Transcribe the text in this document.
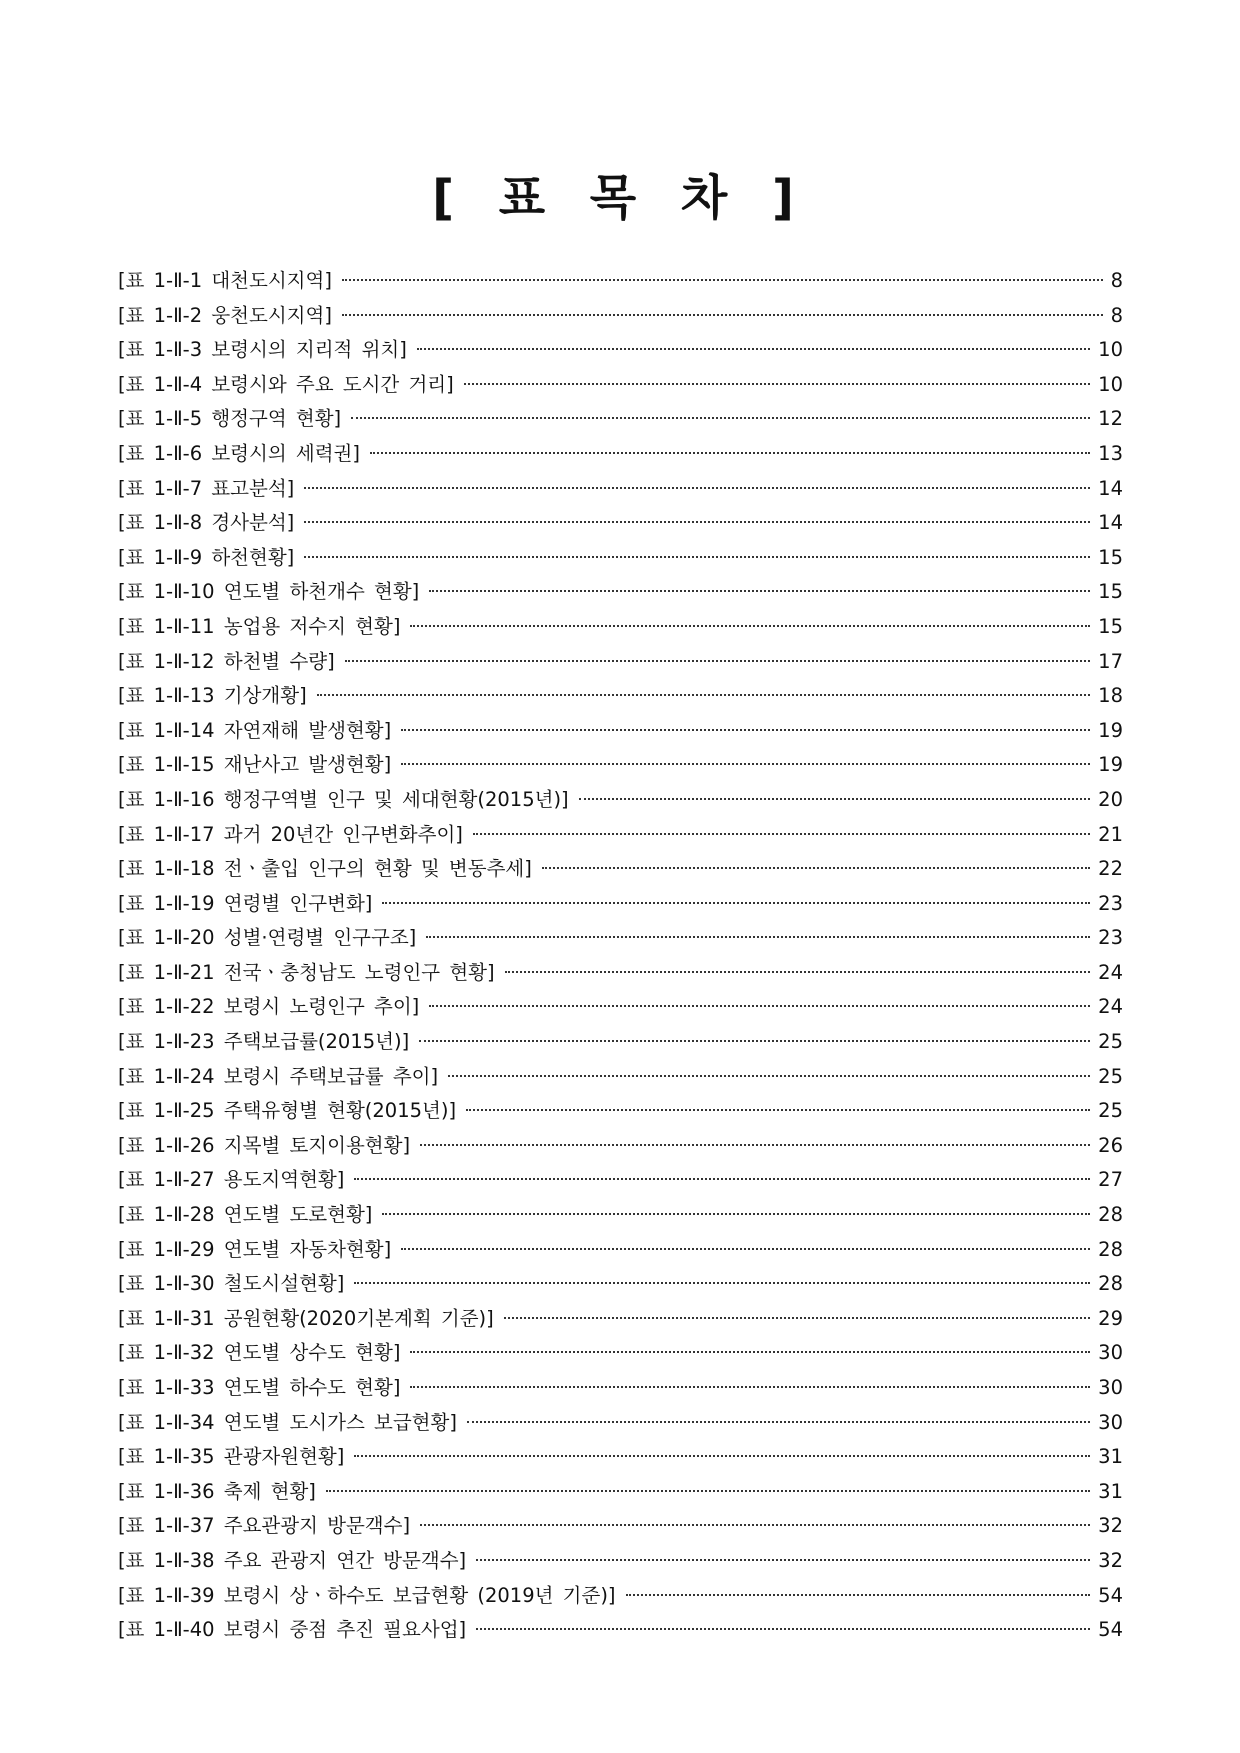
[ 표 목 차 ]
[표 1-Ⅱ-1 대천도시지역]	8
[표 1-Ⅱ-2 웅천도시지역]	8
[표 1-Ⅱ-3 보령시의 지리적 위치]	10
[표 1-Ⅱ-4 보령시와 주요 도시간 거리]	10
[표 1-Ⅱ-5 행정구역 현황]	12
[표 1-Ⅱ-6 보령시의 세력권]	13
[표 1-Ⅱ-7 표고분석]	14
[표 1-Ⅱ-8 경사분석]	14
[표 1-Ⅱ-9 하천현황]	15
[표 1-Ⅱ-10 연도별 하천개수 현황]	15
[표 1-Ⅱ-11 농업용 저수지 현황]	15
[표 1-Ⅱ-12 하천별 수량]	17
[표 1-Ⅱ-13 기상개황]	18
[표 1-Ⅱ-14 자연재해 발생현황]	19
[표 1-Ⅱ-15 재난사고 발생현황]	19
[표 1-Ⅱ-16 행정구역별 인구 및 세대현황(2015년)]	20
[표 1-Ⅱ-17 과거 20년간 인구변화추이]	21
[표 1-Ⅱ-18 전ㆍ출입 인구의 현황 및 변동추세]	22
[표 1-Ⅱ-19 연령별 인구변화]	23
[표 1-Ⅱ-20 성별·연령별 인구구조]	23
[표 1-Ⅱ-21 전국ㆍ충청남도 노령인구 현황]	24
[표 1-Ⅱ-22 보령시 노령인구 추이]	24
[표 1-Ⅱ-23 주택보급률(2015년)]	25
[표 1-Ⅱ-24 보령시 주택보급률 추이]	25
[표 1-Ⅱ-25 주택유형별 현황(2015년)]	25
[표 1-Ⅱ-26 지목별 토지이용현황]	26
[표 1-Ⅱ-27 용도지역현황]	27
[표 1-Ⅱ-28 연도별 도로현황]	28
[표 1-Ⅱ-29 연도별 자동차현황]	28
[표 1-Ⅱ-30 철도시설현황]	28
[표 1-Ⅱ-31 공원현황(2020기본계획 기준)]	29
[표 1-Ⅱ-32 연도별 상수도 현황]	30
[표 1-Ⅱ-33 연도별 하수도 현황]	30
[표 1-Ⅱ-34 연도별 도시가스 보급현황]	30
[표 1-Ⅱ-35 관광자원현황]	31
[표 1-Ⅱ-36 축제 현황]	31
[표 1-Ⅱ-37 주요관광지 방문객수]	32
[표 1-Ⅱ-38 주요 관광지 연간 방문객수]	32
[표 1-Ⅱ-39 보령시 상ㆍ하수도 보급현황 (2019년 기준)]	54
[표 1-Ⅱ-40 보령시 중점 추진 필요사업]	54
